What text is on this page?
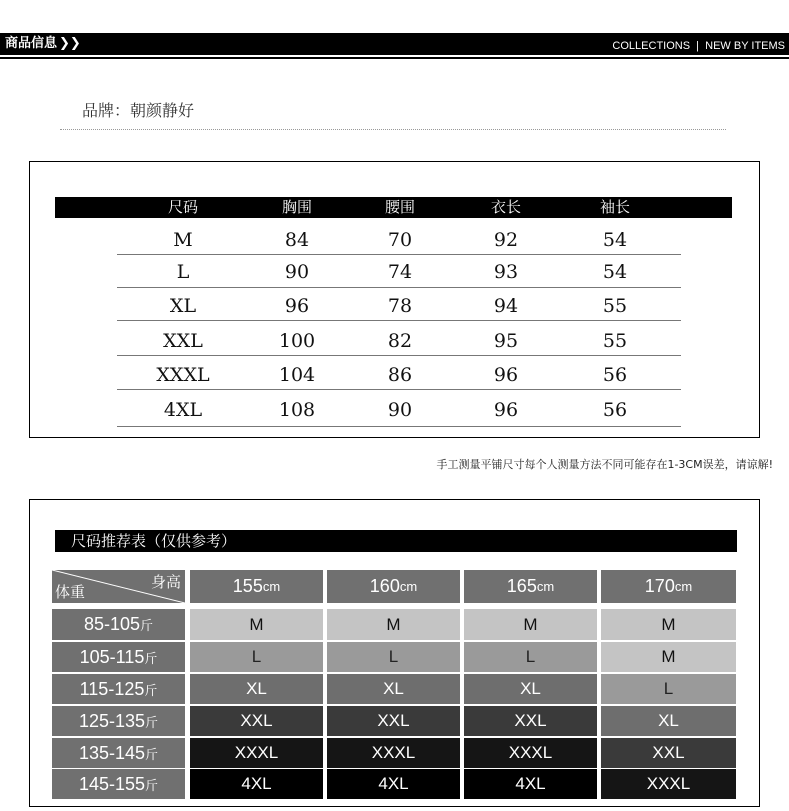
商品信息 ❯❯	COLLECTIONS  |  NEW BY ITEMS
品牌：朝颜静好
尺码	胸围	腰围	衣长	袖长
M	84	70	92	54
L	90	74	93	54
XL	96	78	94	55
XXL	100	82	95	55
XXXL	104	86	96	56
4XL	108	90	96	56
手工测量平铺尺寸每个人测量方法不同可能存在1-3CM误差，请谅解!
尺码推荐表（仅供参考）
体重
身高	155 cm	160 cm	165 cm	170 cm
85-105 斤	M	M	M	M
105-115 斤	L	L	L	M
115-125 斤	XL	XL	XL	L
125-135 斤	XXL	XXL	XXL	XL
135-145 斤	XXXL	XXXL	XXXL	XXL
145-155 斤	4XL	4XL	4XL	XXXL
